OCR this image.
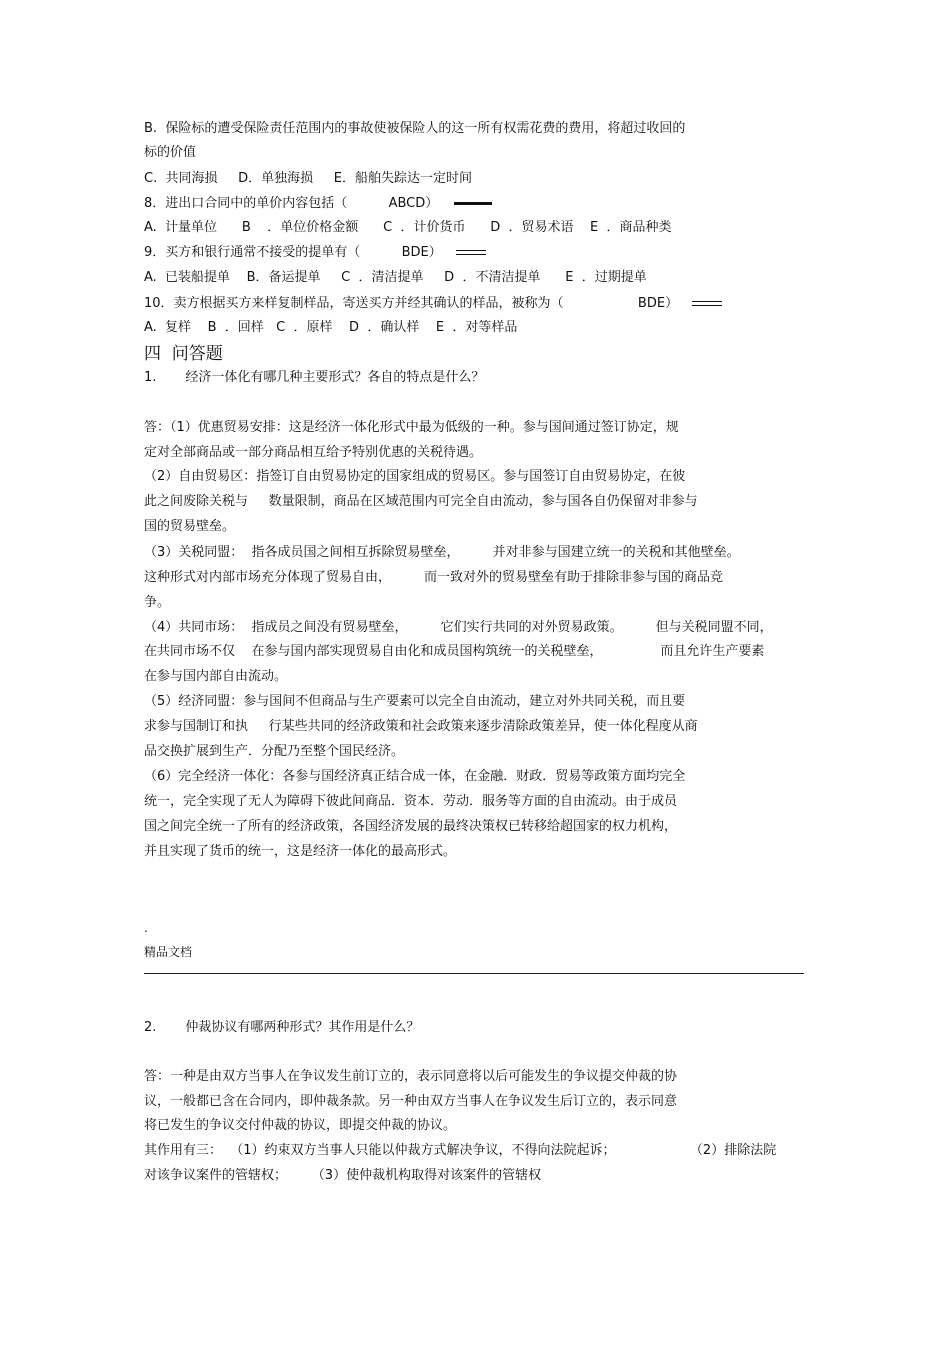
B.  保险标的遭受保险责任范围内的事故使被保险人的这一所有权需花费的费用，将超过收回的
标的价值
C.  共同海损     D．单独海损     E．船舶失踪达一定时间
8．进出口合同中的单价内容包括（          ABCD）
A.  计量单位      B    ．单位价格金额      C  ．计价货币      D  ．贸易术语    E  ．商品种类
9．买方和银行通常不接受的提单有（          BDE）
A.  已装船提单    B．备运提单     C  ．清洁提单     D  ．不清洁提单      E  ．过期提单
10．卖方根据买方来样复制样品，寄送买方并经其确认的样品，被称为（                  BDE）
A.  复样    B  ．回样   C  ．原样    D  ．确认样    E  ．对等样品
四  问答题
1.       经济一体化有哪几种主要形式？各自的特点是什么？
答：（1）优惠贸易安排：这是经济一体化形式中最为低级的一种。参与国间通过签订协定，规
定对全部商品或一部分商品相互给予特别优惠的关税待遇。
（2）自由贸易区：指签订自由贸易协定的国家组成的贸易区。参与国签订自由贸易协定，在彼
此之间废除关税与     数量限制，商品在区域范围内可完全自由流动，参与国各自仍保留对非参与
国的贸易壁垒。
（3）关税同盟：  指各成员国之间相互拆除贸易壁垒，        并对非参与国建立统一的关税和其他壁垒。
这种形式对内部市场充分体现了贸易自由，        而一致对外的贸易壁垒有助于排除非参与国的商品竞
争。
（4）共同市场：  指成员之间没有贸易壁垒，        它们实行共同的对外贸易政策。        但与关税同盟不同，
在共同市场不仅    在参与国内部实现贸易自由化和成员国构筑统一的关税壁垒，              而且允许生产要素
在参与国内部自由流动。
（5）经济同盟：参与国间不但商品与生产要素可以完全自由流动，建立对外共同关税，而且要
求参与国制订和执     行某些共同的经济政策和社会政策来逐步清除政策差异，使一体化程度从商
品交换扩展到生产．分配乃至整个国民经济。
（6）完全经济一体化：各参与国经济真正结合成一体，在金融．财政．贸易等政策方面均完全
统一，完全实现了无人为障碍下彼此间商品．资本．劳动．服务等方面的自由流动。由于成员
国之间完全统一了所有的经济政策，各国经济发展的最终决策权已转移给超国家的权力机构，
并且实现了货币的统一，这是经济一体化的最高形式。
.
精品文档
2.       仲裁协议有哪两种形式？其作用是什么？
答：一种是由双方当事人在争议发生前订立的，表示同意将以后可能发生的争议提交仲裁的协
议，一般都已含在合同内，即仲裁条款。另一种由双方当事人在争议发生后订立的，表示同意
将已发生的争议交付仲裁的协议，即提交仲裁的协议。
其作用有三：  （1）约束双方当事人只能以仲裁方式解决争议，不得向法院起诉；                  （2）排除法院
对该争议案件的管辖权；      （3）使仲裁机构取得对该案件的管辖权
